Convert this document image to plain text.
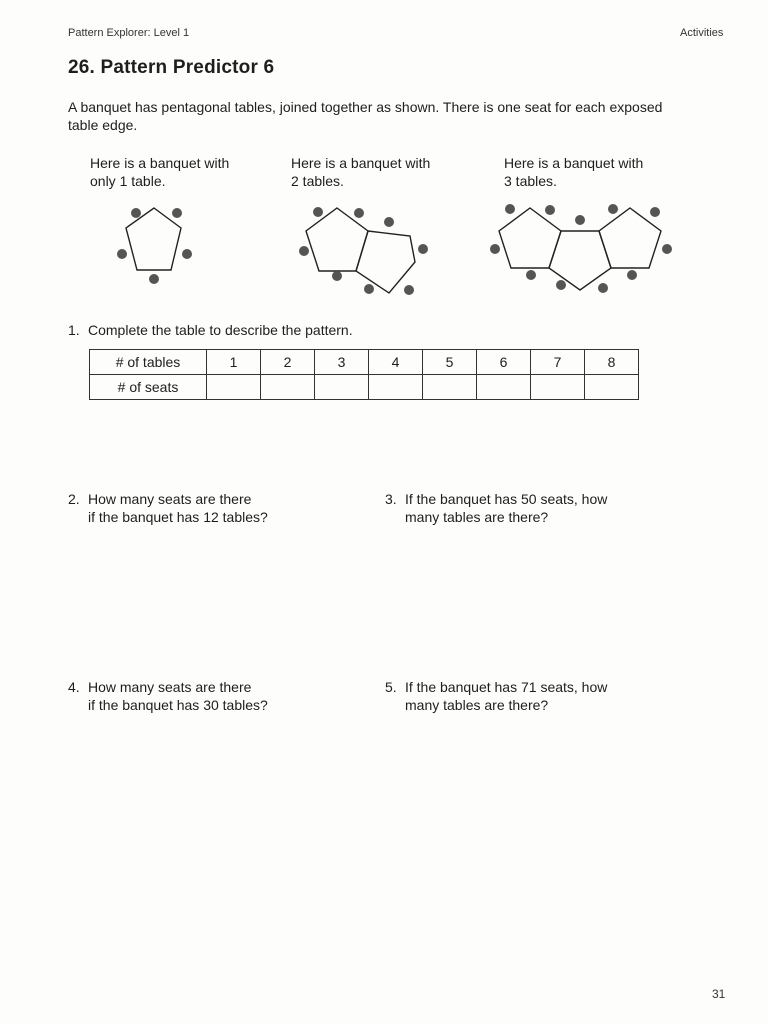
Pattern Explorer: Level 1	Activities
26. Pattern Predictor 6
A banquet has pentagonal tables, joined together as shown. There is one seat for each exposed
table edge.
Here is a banquet with
only 1 table.
Here is a banquet with
2 tables.
Here is a banquet with
3 tables.
1. Complete the table to describe the pattern.
# of tables	1	2	3	4	5	6	7	8
# of seats								
2. How many seats are there
if the banquet has 12 tables?
3. If the banquet has 50 seats, how
many tables are there?
4. How many seats are there
if the banquet has 30 tables?
5. If the banquet has 71 seats, how
many tables are there?
31
